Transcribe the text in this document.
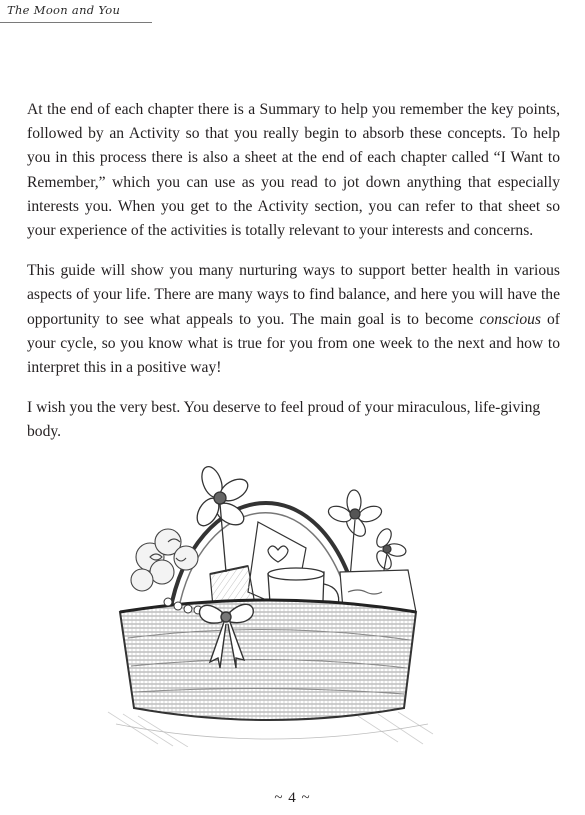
The Moon and You

At the end of each chapter there is a Summary to help you remember the key points, followed by an Activity so that you really begin to absorb these concepts. To help you in this process there is also a sheet at the end of each chapter called “I Want to Remember,” which you can use as you read to jot down anything that especially interests you. When you get to the Activity section, you can refer to that sheet so your experience of the activities is totally relevant to your interests and concerns.

This guide will show you many nurturing ways to support better health in various aspects of your life. There are many ways to find balance, and here you will have the opportunity to see what appeals to you. The main goal is to become conscious of your cycle, so you know what is true for you from one week to the next and how to interpret this in a positive way!

I wish you the very best. You deserve to feel proud of your miraculous, life-giving body.

~ 4 ~
